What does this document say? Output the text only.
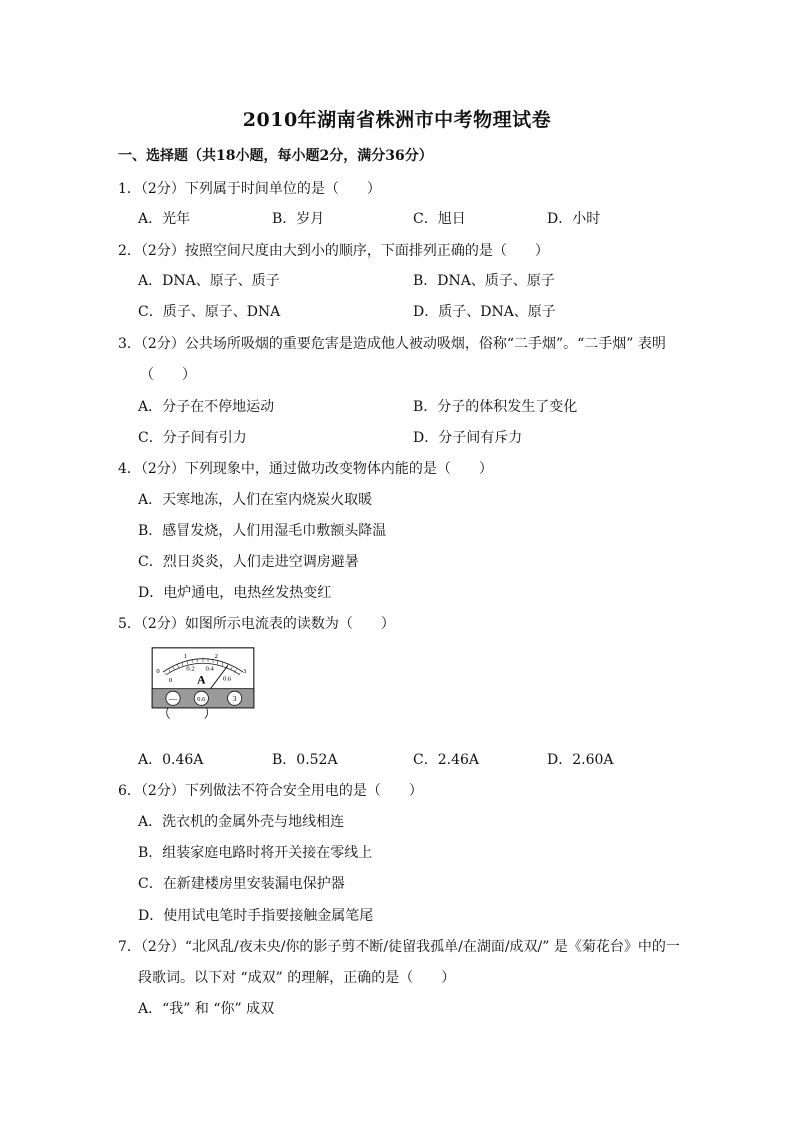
2010年湖南省株洲市中考物理试卷
一、选择题（共18小题，每小题2分，满分36分）
1．（2分）下列属于时间单位的是（　　）
A．光年	B．岁月	C．旭日	D．小时
2．（2分）按照空间尺度由大到小的顺序，下面排列正确的是（　　）
A．DNA、原子、质子	B．DNA、质子、原子
C．质子、原子、DNA	D．质子、DNA、原子
3．（2分）公共场所吸烟的重要危害是造成他人被动吸烟，俗称“二手烟”。“二手烟” 表明
（　　）
A．分子在不停地运动	B．分子的体积发生了变化
C．分子间有引力	D．分子间有斥力
4．（2分）下列现象中，通过做功改变物体内能的是（　　）
A．天寒地冻，人们在室内烧炭火取暖
B．感冒发烧，人们用湿毛巾敷额头降温
C．烈日炎炎，人们走进空调房避暑
D．电炉通电，电热丝发热变红
5．（2分）如图所示电流表的读数为（　　）
0
1	2
3
0
0.2 0.4
0.6
A
—	0.6	3
A．0.46A	B．0.52A	C．2.46A	D．2.60A
6．（2分）下列做法不符合安全用电的是（　　）
A．洗衣机的金属外壳与地线相连
B．组装家庭电路时将开关接在零线上
C．在新建楼房里安装漏电保护器
D．使用试电笔时手指要接触金属笔尾
7．（2分）“北风乱/夜未央/你的影子剪不断/徒留我孤单/在湖面/成双/” 是《菊花台》中的一
段歌词。以下对 “成双” 的理解，正确的是（　　）
A．“我” 和 “你” 成双
